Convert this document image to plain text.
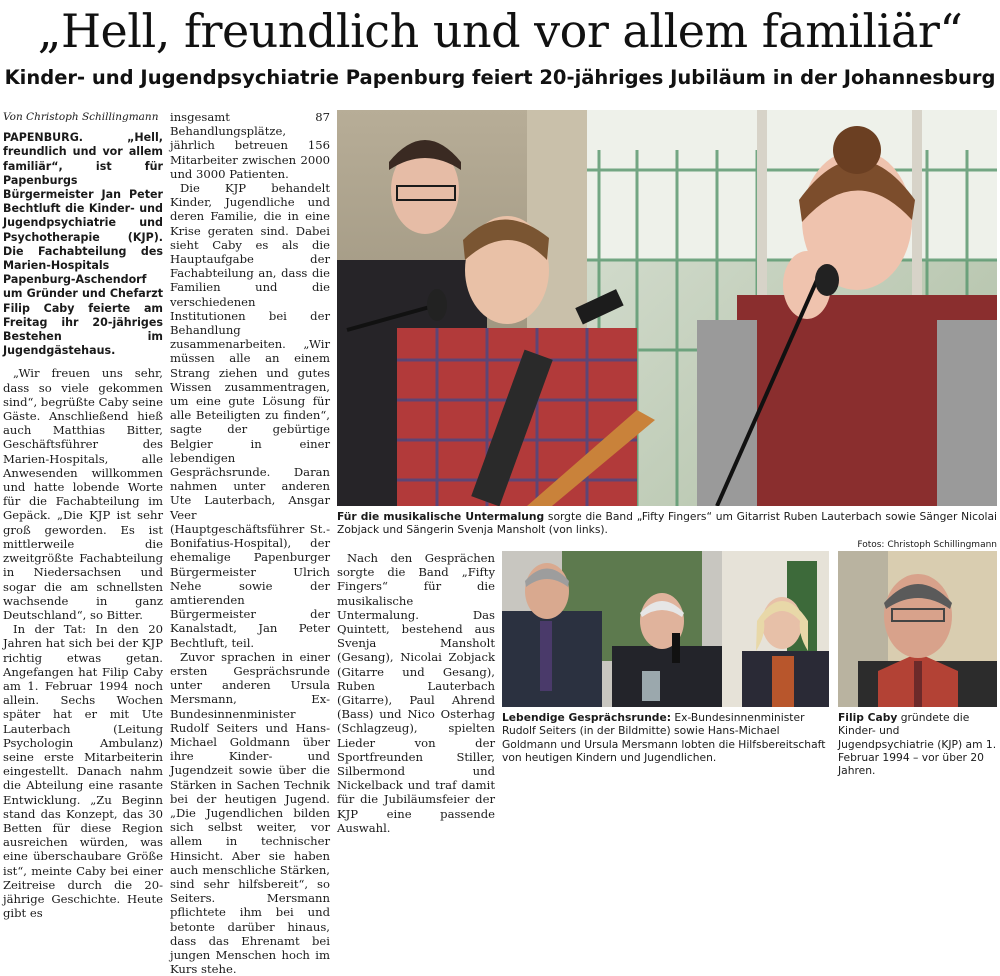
„Hell, freundlich und vor allem familiär“
Kinder- und Jugendpsychiatrie Papenburg feiert 20-jähriges Jubiläum in der Johannesburg
Von Christoph Schillingmann
PAPENBURG. „Hell, freundlich und vor allem familiär“, ist für Papenburgs Bürgermeister Jan Peter Bechtluft die Kinder- und Jugendpsychiatrie und Psychotherapie (KJP). Die Fachabteilung des Marien-Hospitals Papenburg-Aschendorf um Gründer und Chefarzt Filip Caby feierte am Freitag ihr 20-jähriges Bestehen im Jugendgästehaus.

„Wir freuen uns sehr, dass so viele gekommen sind“, begrüßte Caby seine Gäste. Anschließend hieß auch Matthias Bitter, Geschäftsführer des Marien-Hospitals, alle Anwesenden willkommen und hatte lobende Worte für die Fachabteilung im Gepäck. „Die KJP ist sehr groß geworden. Es ist mittlerweile die zweitgrößte Fachabteilung in Niedersachsen und sogar die am schnellsten wachsende in ganz Deutschland“, so Bitter.

In der Tat: In den 20 Jahren hat sich bei der KJP richtig etwas getan. Angefangen hat Filip Caby am 1. Februar 1994 noch allein. Sechs Wochen später hat er mit Ute Lauterbach (Leitung Psychologin Ambulanz) seine erste Mitarbeiterin eingestellt. Danach nahm die Abteilung eine rasante Entwicklung. „Zu Beginn stand das Konzept, das 30 Betten für diese Region ausreichen würden, was eine überschaubare Größe ist“, meinte Caby bei einer Zeitreise durch die 20-jährige Geschichte. Heute gibt es

insgesamt 87 Behandlungsplätze, jährlich betreuen 156 Mitarbeiter zwischen 2000 und 3000 Patienten.

Die KJP behandelt Kinder, Jugendliche und deren Familie, die in eine Krise geraten sind. Dabei sieht Caby es als die Hauptaufgabe der Fachabteilung an, dass die Familien und die verschiedenen Institutionen bei der Behandlung zusammenarbeiten. „Wir müssen alle an einem Strang ziehen und gutes Wissen zusammentragen, um eine gute Lösung für alle Beteiligten zu finden“, sagte der gebürtige Belgier in einer lebendigen Gesprächsrunde. Daran nahmen unter anderen Ute Lauterbach, Ansgar Veer (Hauptgeschäftsführer St.-Bonifatius-Hospital), der ehemalige Papenburger Bürgermeister Ulrich Nehe sowie der amtierenden Bürgermeister der Kanalstadt, Jan Peter Bechtluft, teil.

Zuvor sprachen in einer ersten Gesprächsrunde unter anderen Ursula Mersmann, Ex-Bundesinnenminister Rudolf Seiters und Hans-Michael Goldmann über ihre Kinder- und Jugendzeit sowie über die Stärken in Sachen Technik bei der heutigen Jugend. „Die Jugendlichen bilden sich selbst weiter, vor allem in technischer Hinsicht. Aber sie haben auch menschliche Stärken, sind sehr hilfsbereit“, so Seiters. Mersmann pflichtete ihm bei und betonte darüber hinaus, dass das Ehrenamt bei jungen Menschen hoch im Kurs stehe.

Für die musikalische Untermalung sorgte die Band „Fifty Fingers“ um Gitarrist Ruben Lauterbach sowie Sänger Nicolai Zobjack und Sängerin Svenja Mansholt (von links).
Fotos: Christoph Schillingmann

Nach den Gesprächen sorgte die Band „Fifty Fingers“ für die musikalische Untermalung. Das Quintett, bestehend aus Svenja Mansholt (Gesang), Nicolai Zobjack (Gitarre und Gesang), Ruben Lauterbach (Gitarre), Paul Ahrend (Bass) und Nico Osterhag (Schlagzeug), spielten Lieder von der Sportfreunden Stiller, Silbermond und Nickelback und traf damit für die Jubiläumsfeier der KJP eine passende Auswahl.

Lebendige Gesprächsrunde: Ex-Bundesinnenminister Rudolf Seiters (in der Bildmitte) sowie Hans-Michael Goldmann und Ursula Mersmann lobten die Hilfsbereitschaft von heutigen Kindern und Jugendlichen.
Filip Caby gründete die Kinder- und Jugendpsychiatrie (KJP) am 1. Februar 1994 – vor über 20 Jahren.
